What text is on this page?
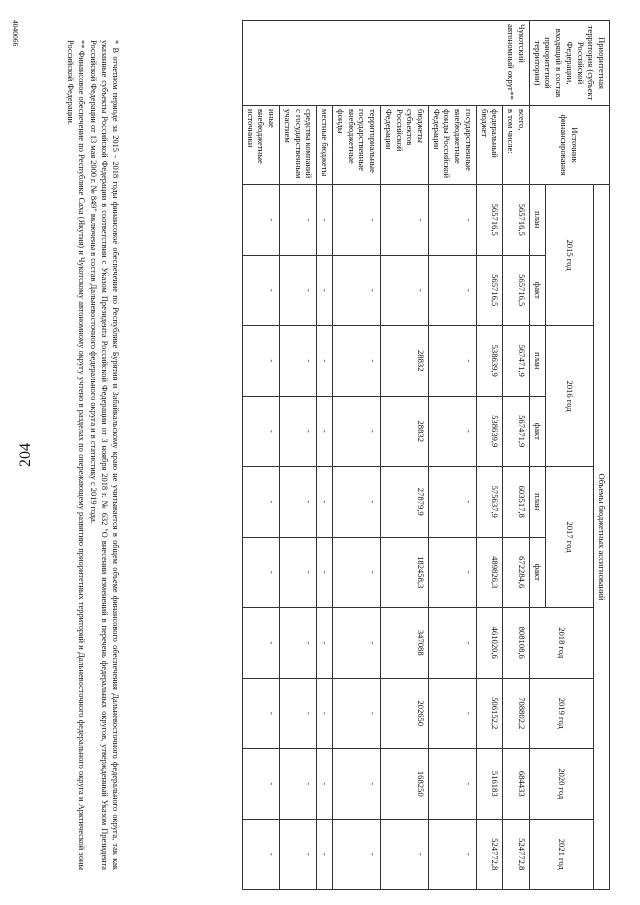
Приоритетная территория (субъект Российской Федерации, входящий в состав приоритетной территории)	Источник финансирования	Объемы бюджетных ассигнований									
		2015 год		2016 год		2017 год		2018 год	2019 год	2020 год	2021 год
		план	факт	план	факт	план	факт				
Чукотский автономный округ**	всего,
в том числе:	565716,5	565716,5	567471,9	567471,9	603517,8	672284,6	808108,6	708802,2	684433	524772,8
	федеральный бюджет	565716,5	565716,5	538639,9	538639,9	575637,9	489826,3	461020,6	506152,2	516183	524772,8
	государственные внебюджетные фонды Российской Федерации	-	-	-	-	-	-	-	-	-	-
	бюджеты субъектов Российской Федерации	-	-	28832	28832	27879,9	182458,3	347088	202650	168250	-
	территориальные государственные внебюджетные фонды	-	-	-	-	-	-	-	-	-	-
	местные бюджеты	-	-	-	-	-	-	-	-	-	-
	средства компаний с государственным участием	-	-	-	-	-	-	-	-	-	-
	иные внебюджетные источники	-	-	-	-	-	-	-	-	-	-

* В отчетном периоде за 2015 - 2018 годы финансовое обеспечение по Республике Бурятия и Забайкальскому краю не учитывается в общем объеме финансового обеспечения Дальневосточного федерального округа, так как указанные субъекты Российской Федерации в соответствии с Указом Президента Российской Федерации от 3 ноября 2018 г. № 632 "О внесении изменений в перечень федеральных округов, утвержденный Указом Президента Российской Федерации от 13 мая 2000 г. № 849" включены в состав Дальневосточного федерального округа и в статистику с 2019 года.

** Финансовое обеспечение по Республике Саха (Якутия) и Чукотскому автономному округу учтено в разделах по опережающему развитию приоритетных территорий и Дальневосточного федерального округа и Арктической зоны Российской Федерации.

204
4040066
